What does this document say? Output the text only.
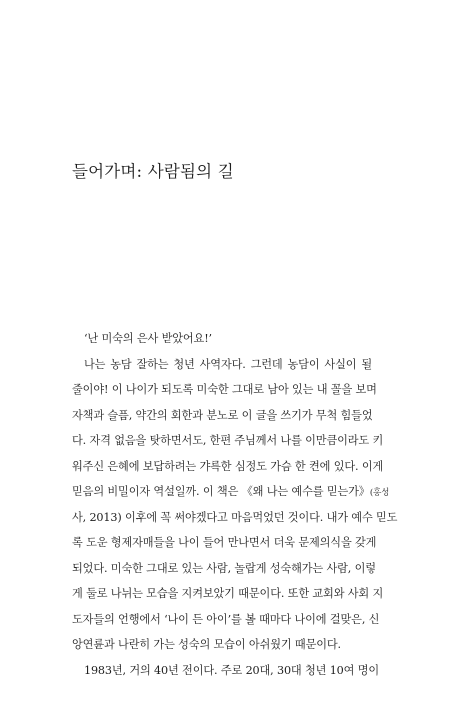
들어가며: 사람됨의 길
‘난 미숙의 은사 받았어요!’
나는 농담 잘하는 청년 사역자다. 그런데 농담이 사실이 될
줄이야! 이 나이가 되도록 미숙한 그대로 남아 있는 내 꼴을 보며
자책과 슬픔, 약간의 회한과 분노로 이 글을 쓰기가 무척 힘들었
다. 자격 없음을 탓하면서도, 한편 주님께서 나를 이만큼이라도 키
워주신 은혜에 보답하려는 갸륵한 심정도 가슴 한 켠에 있다. 이게
믿음의 비밀이자 역설일까. 이 책은 《왜 나는 예수를 믿는가》(홍성
사, 2013) 이후에 꼭 써야겠다고 마음먹었던 것이다. 내가 예수 믿도
록 도운 형제자매들을 나이 들어 만나면서 더욱 문제의식을 갖게
되었다. 미숙한 그대로 있는 사람, 놀랍게 성숙해가는 사람, 이렇
게 둘로 나뉘는 모습을 지켜보았기 때문이다. 또한 교회와 사회 지
도자들의 언행에서 ‘나이 든 아이’를 볼 때마다 나이에 걸맞은, 신
앙연륜과 나란히 가는 성숙의 모습이 아쉬웠기 때문이다.
1983년, 거의 40년 전이다. 주로 20대, 30대 청년 10여 명이
